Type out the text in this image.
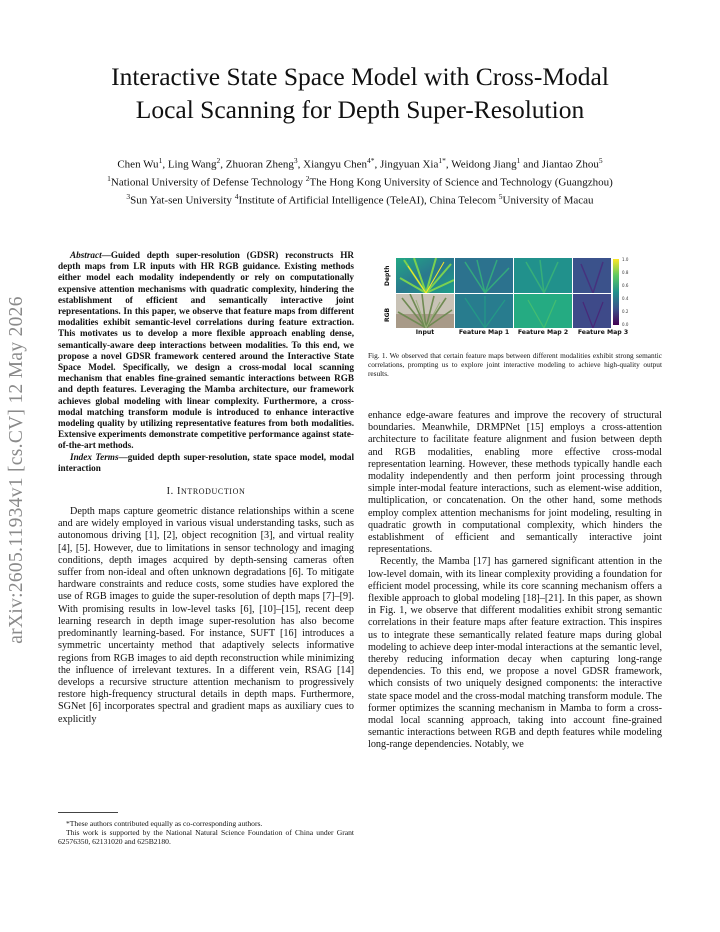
arXiv:2605.11934v1 [cs.CV] 12 May 2026
Interactive State Space Model with Cross-Modal
Local Scanning for Depth Super-Resolution
Chen Wu$^1$, Ling Wang$^2$, Zhuoran Zheng$^3$, Xiangyu Chen$^{4*}$, Jingyuan Xia$^{1*}$, Weidong Jiang$^1$ and Jiantao Zhou$^5$
$^1$National University of Defense Technology $^2$The Hong Kong University of Science and Technology (Guangzhou)
$^3$Sun Yat-sen University $^4$Institute of Artificial Intelligence (TeleAI), China Telecom $^5$University of Macau
Abstract—Guided depth super-resolution (GDSR) reconstructs HR depth maps from LR inputs with HR RGB guidance. Existing methods either model each modality independently or rely on computationally expensive attention mechanisms with quadratic complexity, hindering the establishment of efficient and semantically interactive joint representations. In this paper, we observe that feature maps from different modalities exhibit semantic-level correlations during feature extraction. This motivates us to develop a more flexible approach enabling dense, semantically-aware deep interactions between modalities. To this end, we propose a novel GDSR framework centered around the Interactive State Space Model. Specifically, we design a cross-modal local scanning mechanism that enables fine-grained semantic interactions between RGB and depth features. Leveraging the Mamba architecture, our framework achieves global modeling with linear complexity. Furthermore, a cross-modal matching transform module is introduced to enhance interactive modeling quality by utilizing representative features from both modalities. Extensive experiments demonstrate competitive performance against state-of-the-art methods.
Index Terms—guided depth super-resolution, state space model, modal interaction
I. INTRODUCTION

Depth maps capture geometric distance relationships within a scene and are widely employed in various visual understanding tasks, such as autonomous driving [1], [2], object recognition [3], and virtual reality [4], [5]. However, due to limitations in sensor technology and imaging conditions, depth images acquired by depth-sensing cameras often suffer from non-ideal and often unknown degradations [6]. To mitigate hardware constraints and reduce costs, some studies have explored the use of RGB images to guide the super-resolution of depth maps [7]–[9]. With promising results in low-level tasks [6], [10]–[15], recent deep learning research in depth image super-resolution has also become predominantly learning-based. For instance, SUFT [16] introduces a symmetric uncertainty method that adaptively selects informative regions from RGB images to aid depth reconstruction while minimizing the influence of irrelevant textures. In a different vein, RSAG [14] develops a recursive structure attention mechanism to progressively restore high-frequency structural details in depth maps. Furthermore, SGNet [6] incorporates spectral and gradient maps as auxiliary cues to explicitly

*These authors contributed equally as co-corresponding authors.
This work is supported by the National Natural Science Foundation of China under Grant 62576350, 62131020 and 625B2180.
Depth
RGB
1.0
0.8
0.6
0.4
0.2
0.0
Input	Feature Map 1	Feature Map 2	Feature Map 3
Fig. 1. We observed that certain feature maps between different modalities exhibit strong semantic correlations, prompting us to explore joint interactive modeling to achieve high-quality output results.

enhance edge-aware features and improve the recovery of structural boundaries. Meanwhile, DRMPNet [15] employs a cross-attention architecture to facilitate feature alignment and fusion between depth and RGB modalities, enabling more effective cross-modal representation learning. However, these methods typically handle each modality independently and then perform joint processing through simple inter-modal feature interactions, such as element-wise addition, multiplication, or concatenation. On the other hand, some methods employ complex attention mechanisms for joint modeling, resulting in quadratic growth in computational complexity, which hinders the establishment of efficient and semantically interactive joint representations.

Recently, the Mamba [17] has garnered significant attention in the low-level domain, with its linear complexity providing a foundation for efficient model processing, while its core scanning mechanism offers a flexible approach to global modeling [18]–[21]. In this paper, as shown in Fig. 1, we observe that different modalities exhibit strong semantic correlations in their feature maps after feature extraction. This inspires us to integrate these semantically related feature maps during global modeling to achieve deep inter-modal interactions at the semantic level, thereby reducing information decay when capturing long-range dependencies. To this end, we propose a novel GDSR framework, which consists of two uniquely designed components: the interactive state space model and the cross-modal matching transform module. The former optimizes the scanning mechanism in Mamba to form a cross-modal local scanning approach, taking into account fine-grained semantic interactions between RGB and depth features while modeling long-range dependencies. Notably, we
